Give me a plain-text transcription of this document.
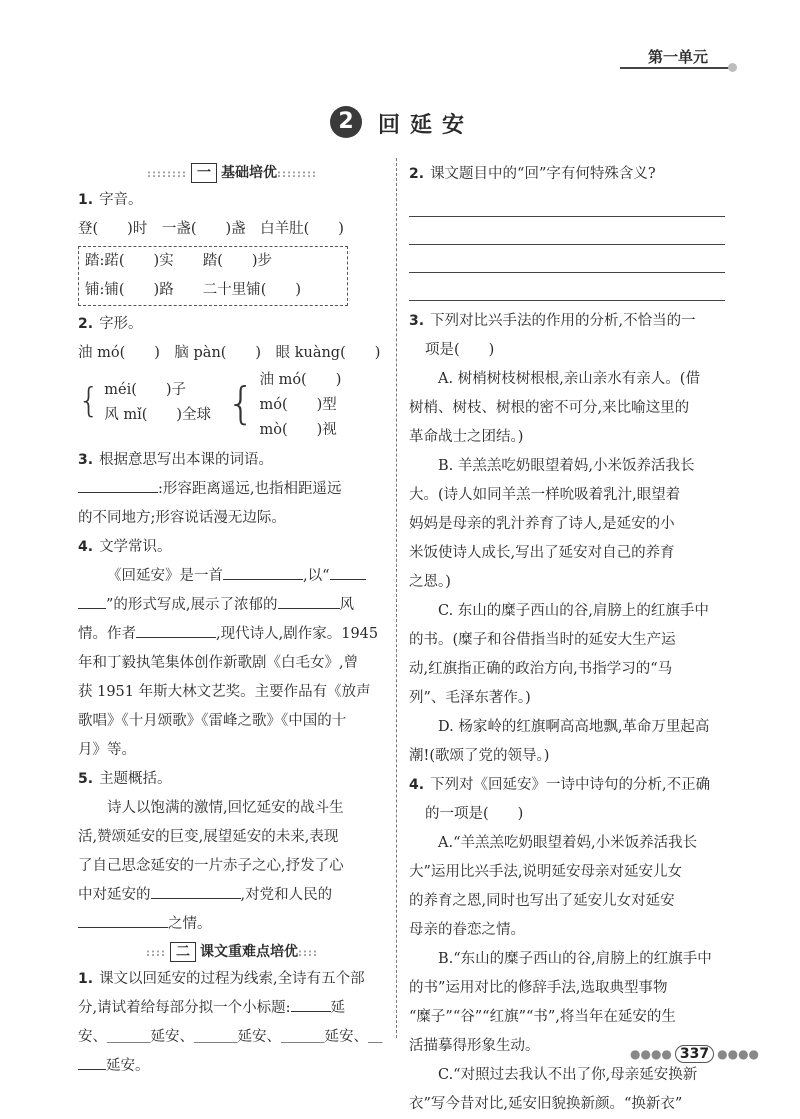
第一单元
2	回延安
:::::::: 一 基础培优::::::::
1. 字音。
登(　　)时　一盏(　　)盏　白羊肚(　　)
踏:蹃(　　)实　　踏(　　)步
铺:铺(　　)路　　二十里铺(　　)
2. 字形。
油 mó(　　)　脑 pàn(　　)　眼 kuàng(　　)
{ méi(　　)子
风 mǐ(　　)全球 { 油 mó(　　)
mó(　　)型
mò(　　)视
3. 根据意思写出本课的词语。
:形容距离遥远,也指相距遥远
的不同地方;形容说话漫无边际。
4. 文学常识。
《回延安》是一首	,以“
”的形式写成,展示了浓郁的	风
情。作者	,现代诗人,剧作家。1945
年和丁毅执笔集体创作新歌剧《白毛女》,曾
获 1951 年斯大林文艺奖。主要作品有《放声
歌唱》《十月颂歌》《雷峰之歌》《中国的十
月》等。
5. 主题概括。
诗人以饱满的激情,回忆延安的战斗生
活,赞颂延安的巨变,展望延安的未来,表现
了自己思念延安的一片赤子之心,抒发了心
中对延安的	,对党和人民的
之情。
:::: 二 课文重难点培优::::
1. 课文以回延安的过程为线索,全诗有五个部
分,请试着给每部分拟一个小标题:	延
安、＿＿＿延安、＿＿＿延安、＿＿＿延安、＿
延安。
2. 课文题目中的“回”字有何特殊含义?
3. 下列对比兴手法的作用的分析,不恰当的一
项是(　　)
A. 树梢树枝树根根,亲山亲水有亲人。(借
树梢、树枝、树根的密不可分,来比喻这里的
革命战士之团结。)
B. 羊羔羔吃奶眼望着妈,小米饭养活我长
大。(诗人如同羊羔一样吮吸着乳汁,眼望着
妈妈是母亲的乳汁养育了诗人,是延安的小
米饭使诗人成长,写出了延安对自己的养育
之恩。)
C. 东山的糜子西山的谷,肩膀上的红旗手中
的书。(糜子和谷借指当时的延安大生产运
动,红旗指正确的政治方向,书指学习的“马
列”、毛泽东著作。)
D. 杨家岭的红旗啊高高地飘,革命万里起高
潮!(歌颂了党的领导。)
4. 下列对《回延安》一诗中诗句的分析,不正确
的一项是(　　)
A.“羊羔羔吃奶眼望着妈,小米饭养活我长
大”运用比兴手法,说明延安母亲对延安儿女
的养育之恩,同时也写出了延安儿女对延安
母亲的眷恋之情。
B.“东山的糜子西山的谷,肩膀上的红旗手中
的书”运用对比的修辞手法,选取典型事物
“糜子”“谷”“红旗”“书”,将当年在延安的生
活描摹得形象生动。
C.“对照过去我认不出了你,母亲延安换新
衣”写今昔对比,延安旧貌换新颜。“换新衣”
●●●● 337 ●●●●
